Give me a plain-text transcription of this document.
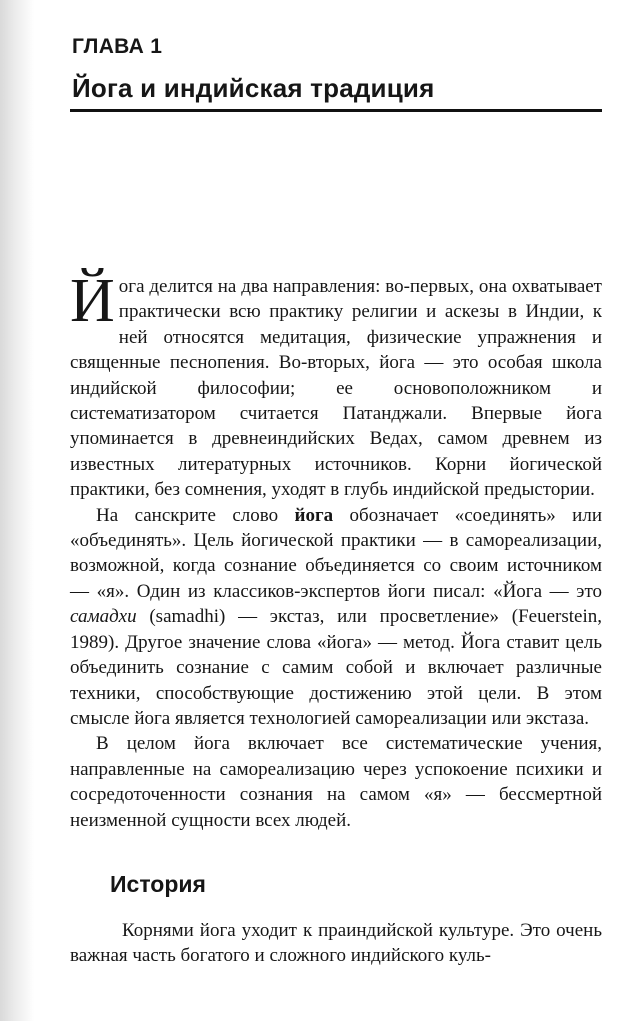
ГЛАВА 1
Йога и индийская традиция

Йога делится на два направления: во-первых, она охватывает практически всю практику религии и аскезы в Индии, к ней относятся медитация, физические упражнения и священные песнопения. Во-вторых, йога — это особая школа индийской философии; ее основоположником и систематизатором считается Патанджали. Впервые йога упоминается в древнеиндийских Ведах, самом древнем из известных литературных источников. Корни йогической практики, без сомнения, уходят в глубь индийской предыстории.

На санскрите слово йога обозначает «соединять» или «объединять». Цель йогической практики — в самореализации, возможной, когда сознание объединяется со своим источником — «я». Один из классиков-экспертов йоги писал: «Йога — это самадхи (samadhi) — экстаз, или просветление» (Feuerstein, 1989). Другое значение слова «йога» — метод. Йога ставит цель объединить сознание с самим собой и включает различные техники, способствующие достижению этой цели. В этом смысле йога является технологией самореализации или экстаза.

В целом йога включает все систематические учения, направленные на самореализацию через успокоение психики и сосредоточенности сознания на самом «я» — бессмертной неизменной сущности всех людей.

История

Корнями йога уходит к праиндийской культуре. Это очень важная часть богатого и сложного индийского куль-
